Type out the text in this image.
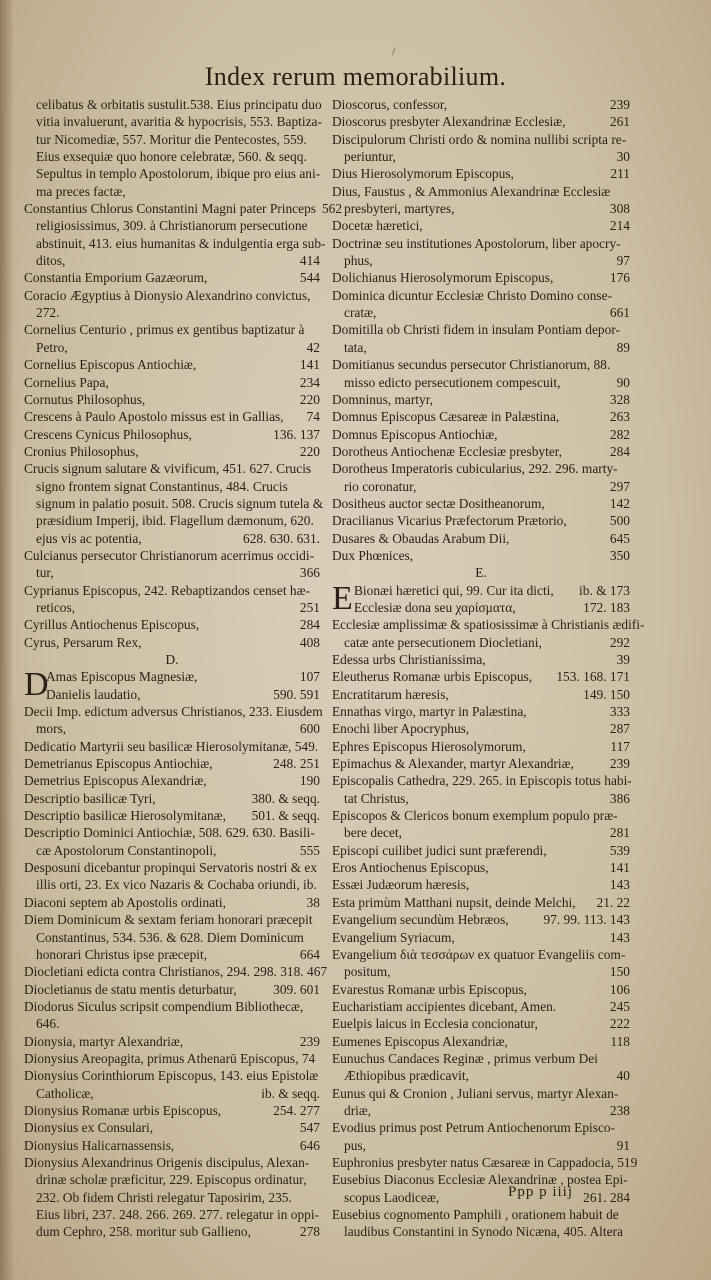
/
Index rerum memorabilium.
celibatus & orbitatis sustulit.538. Eius principatu duo
vitia invaluerunt, avaritia & hypocrisis, 553. Baptiza-
tur Nicomediæ, 557. Moritur die Pentecostes, 559.
Eius exsequiæ quo honore celebratæ, 560. & seqq.
Sepultus in templo Apostolorum, ibique pro eius ani-
ma preces factæ,
Constantius Chlorus Constantini Magni pater Princeps 562
religiosissimus, 309. à Christianorum persecutione
abstinuit, 413. eius humanitas & indulgentia erga sub-
ditos,	414
Constantia Emporium Gazæorum,	544
Coracio Ægyptius à Dionysio Alexandrino convictus,
272.
Cornelius Centurio , primus ex gentibus baptizatur à
Petro,	42
Cornelius Episcopus Antiochiæ,	141
Cornelius Papa,	234
Cornutus Philosophus,	220
Crescens à Paulo Apostolo missus est in Gallias,	74
Crescens Cynicus Philosophus,	136. 137
Cronius Philosophus,	220
Crucis signum salutare & vivificum, 451. 627. Crucis
signo frontem signat Constantinus, 484. Crucis
signum in palatio posuit. 508. Crucis signum tutela &
præsidium Imperij, ibid. Flagellum dæmonum, 620.
ejus vis ac potentia,	628. 630. 631.
Culcianus persecutor Christianorum acerrimus occidi-
tur,	366
Cyprianus Episcopus, 242. Rebaptizandos censet hæ-
reticos,	251
Cyrillus Antiochenus Episcopus,	284
Cyrus, Persarum Rex,	408
D.
D
Amas Episcopus Magnesiæ,	107
Danielis laudatio,	590. 591
Decii Imp. edictum adversus Christianos, 233. Eiusdem
mors,	600
Dedicatio Martyrii seu basilicæ Hierosolymitanæ, 549.
Demetrianus Episcopus Antiochiæ,	248. 251
Demetrius Episcopus Alexandriæ,	190
Descriptio basilicæ Tyri,	380. & seqq.
Descriptio basilicæ Hierosolymitanæ,	501. & seqq.
Descriptio Dominici Antiochiæ, 508. 629. 630. Basili-
cæ Apostolorum Constantinopoli,	555
Desposuni dicebantur propinqui Servatoris nostri & ex
illis orti, 23. Ex vico Nazaris & Cochaba oriundi, ib.
Diaconi septem ab Apostolis ordinati,	38
Diem Dominicum & sextam feriam honorari præcepit
Constantinus, 534. 536. & 628. Diem Dominicum
honorari Christus ipse præcepit,	664
Diocletiani edicta contra Christianos, 294. 298. 318. 467
Diocletianus de statu mentis deturbatur,	309. 601
Diodorus Siculus scripsit compendium Bibliothecæ,
646.
Dionysia, martyr Alexandriæ,	239
Dionysius Areopagita, primus Athenarū Episcopus, 74
Dionysius Corinthiorum Episcopus, 143. eius Epistolæ
Catholicæ,	ib. & seqq.
Dionysius Romanæ urbis Episcopus,	254. 277
Dionysius ex Consulari,	547
Dionysius Halicarnassensis,	646
Dionysius Alexandrinus Origenis discipulus, Alexan-
drinæ scholæ præficitur, 229. Episcopus ordinatur,
232. Ob fidem Christi relegatur Taposirim, 235.
Eius libri, 237. 248. 266. 269. 277. relegatur in oppi-
dum Cephro, 258. moritur sub Gallieno,	278
Dioscorus, confessor,	239
Dioscorus presbyter Alexandrinæ Ecclesiæ,	261
Discipulorum Christi ordo & nomina nullibi scripta re-
periuntur,	30
Dius Hierosolymorum Episcopus,	211
Dius, Faustus , & Ammonius Alexandrinæ Ecclesiæ
presbyteri, martyres,	308
Docetæ hæretici,	214
Doctrinæ seu institutiones Apostolorum, liber apocry-
phus,	97
Dolichianus Hierosolymorum Episcopus,	176
Dominica dicuntur Ecclesiæ Christo Domino conse-
cratæ,	661
Domitilla ob Christi fidem in insulam Pontiam depor-
tata,	89
Domitianus secundus persecutor Christianorum, 88.
misso edicto persecutionem compescuit,	90
Domninus, martyr,	328
Domnus Episcopus Cæsareæ in Palæstina,	263
Domnus Episcopus Antiochiæ,	282
Dorotheus Antiochenæ Ecclesiæ presbyter,	284
Dorotheus Imperatoris cubicularius, 292. 296. marty-
rio coronatur,	297
Dositheus auctor sectæ Dositheanorum,	142
Dracilianus Vicarius Præfectorum Prætorio,	500
Dusares & Obaudas Arabum Dii,	645
Dux Phœnices,	350
E.
E Bionæi hæretici qui, 99. Cur ita dicti,	ib. & 173
Ecclesiæ dona seu χαρίσματα,	172. 183
Ecclesiæ amplissimæ & spatiosissimæ à Christianis ædifi-
catæ ante persecutionem Diocletiani,	292
Edessa urbs Christianissima,	39
Eleutherus Romanæ urbis Episcopus,	153. 168. 171
Encratitarum hæresis,	149. 150
Ennathas virgo, martyr in Palæstina,	333
Enochi liber Apocryphus,	287
Ephres Episcopus Hierosolymorum,	117
Epimachus & Alexander, martyr Alexandriæ,	239
Episcopalis Cathedra, 229. 265. in Episcopis totus habi-
tat Christus,	386
Episcopos & Clericos bonum exemplum populo præ-
bere decet,	281
Episcopi cuilibet judici sunt præferendi,	539
Eros Antiochenus Episcopus,	141
Essæi Judæorum hæresis,	143
Esta primùm Matthani nupsit, deinde Melchi,	21. 22
Evangelium secundùm Hebræos,	97. 99. 113. 143
Evangelium Syriacum,	143
Evangelium διὰ τεσσάρων ex quatuor Evangeliis com-
positum,	150
Evarestus Romanæ urbis Episcopus,	106
Eucharistiam accipientes dicebant, Amen.	245
Euelpis laicus in Ecclesia concionatur,	222
Eumenes Episcopus Alexandriæ,	118
Eunuchus Candaces Reginæ , primus verbum Dei
Æthiopibus prædicavit,	40
Eunus qui & Cronion , Juliani servus, martyr Alexan-
driæ,	238
Evodius primus post Petrum Antiochenorum Episco-
pus,	91
Euphronius presbyter natus Cæsareæ in Cappadocia, 519
Eusebius Diaconus Ecclesiæ Alexandrinæ , postea Epi-
scopus Laodiceæ,	261. 284
Eusebius cognomento Pamphili , orationem habuit de
laudibus Constantini in Synodo Nicæna, 405. Altera
Ppp p iiij
